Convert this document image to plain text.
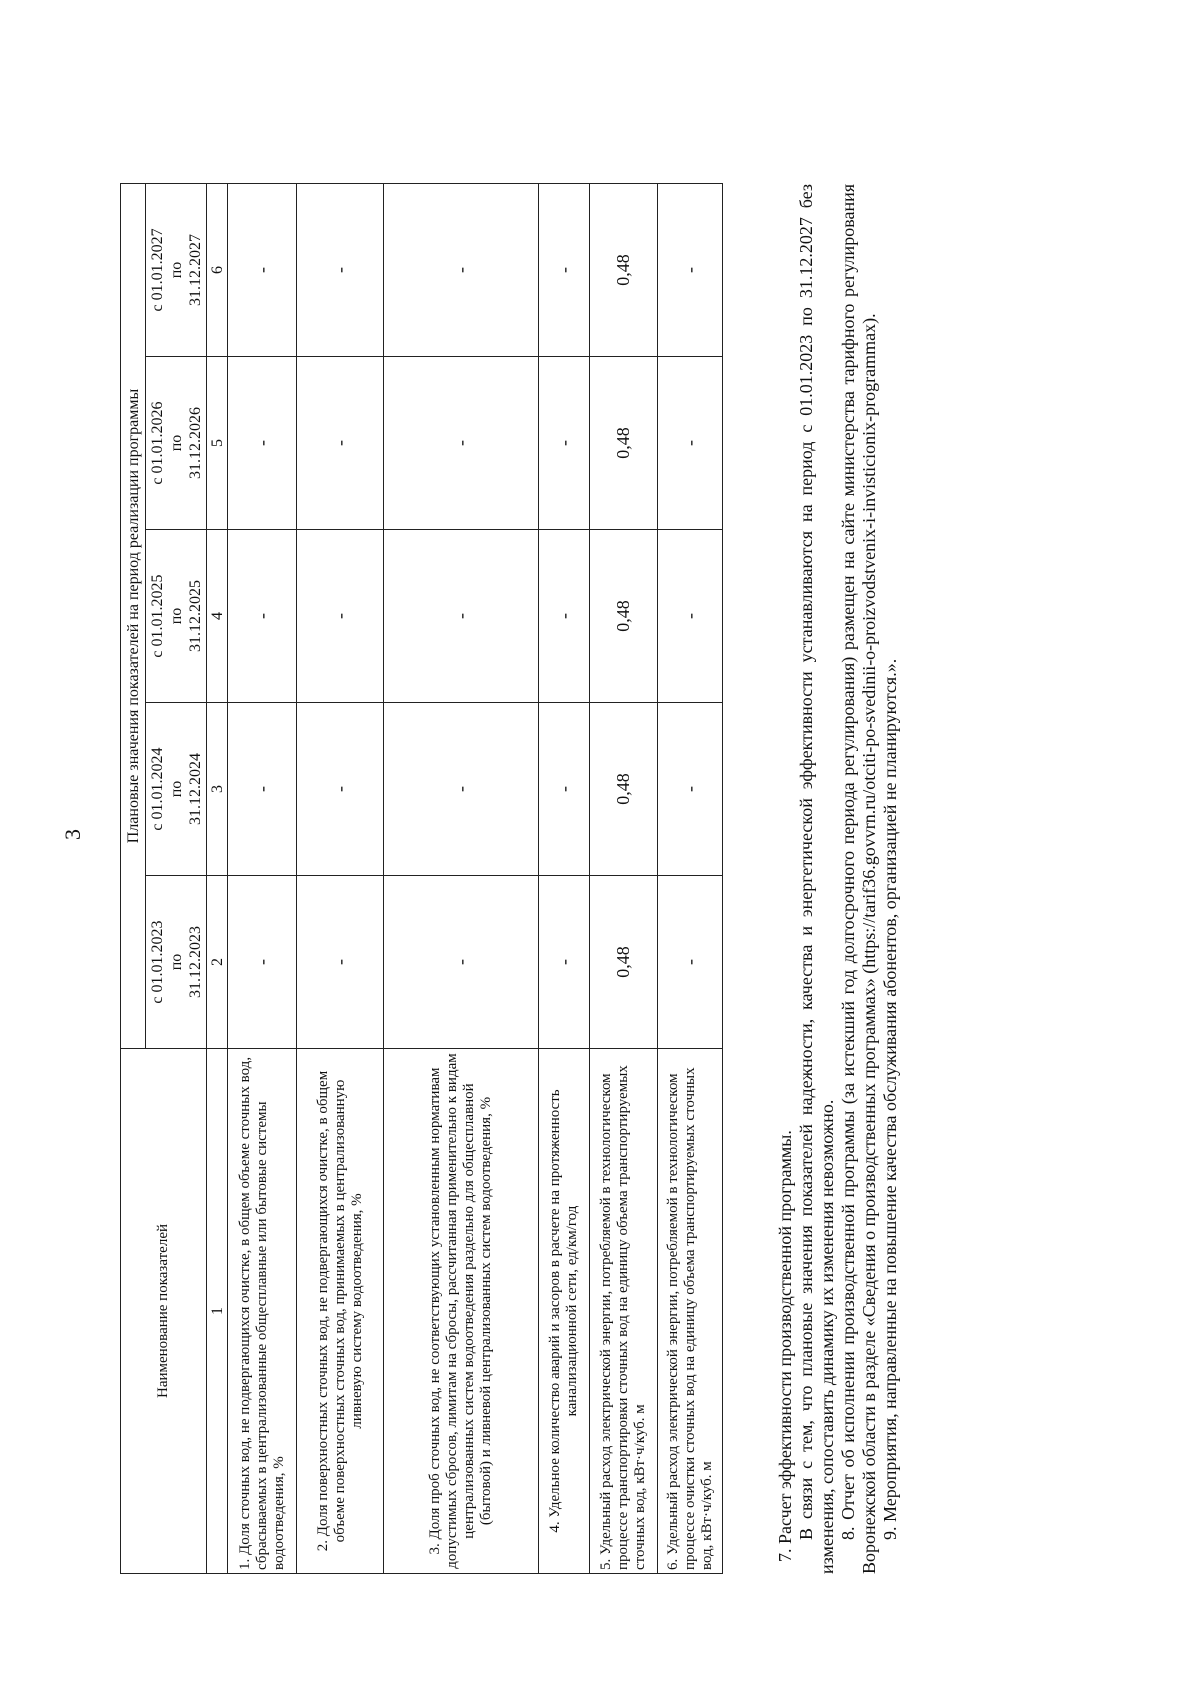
3
Наименование показателей	Плановые значения показателей на период реализации программы				

	с 01.01.2023 по 31.12.2023	с 01.01.2024 по 31.12.2024	с 01.01.2025 по 31.12.2025	с 01.01.2026 по 31.12.2026	с 01.01.2027 по 31.12.2027

1	2	3	4	5	6
1. Доля сточных вод, не подвергающихся очистке, в общем объеме сточных вод, сбрасываемых в централизованные общесплавные или бытовые системы водоотведения, %	-	-	-	-	-
2. Доля поверхностных сточных вод, не подвергающихся очистке, в общем объеме поверхностных сточных вод, принимаемых в централизованную ливневую систему водоотведения, %	-	-	-	-	-
3. Доля проб сточных вод, не соответствующих установленным нормативам допустимых сбросов, лимитам на сбросы, рассчитанная применительно к видам централизованных систем водоотведения раздельно для общесплавной (бытовой) и ливневой централизованных систем водоотведения, %	-	-	-	-	-
4. Удельное количество аварий и засоров в расчете на протяженность канализационной сети, ед/км/год	-	-	-	-	-
5. Удельный расход электрической энергии, потребляемой в технологическом процессе транспортировки сточных вод на единицу объема транспортируемых сточных вод, кВт·ч/куб. м	0,48	0,48	0,48	0,48	0,48
6. Удельный расход электрической энергии, потребляемой в технологическом процессе очистки сточных вод на единицу объема транспортируемых сточных вод, кВт·ч/куб. м	-	-	-	-	-

7. Расчет эффективности производственной программы. В связи с тем, что плановые значения показателей надежности, качества и энергетической эффективности устанавливаются на период с 01.01.2023 по 31.12.2027 без изменения, сопоставить динамику их изменения невозможно. 8. Отчет об исполнении производственной программы (за истекший год долгосрочного периода регулирования) размещен на сайте министерства тарифного регулирования Воронежской области в разделе «Сведения о производственных программах» (https://tarif36.govvrn.ru/otciti-po-svedinii-o-proizvodstvenix-i-invisticionix-programmax). 9. Мероприятия, направленные на повышение качества обслуживания абонентов, организацией не планируются.».
